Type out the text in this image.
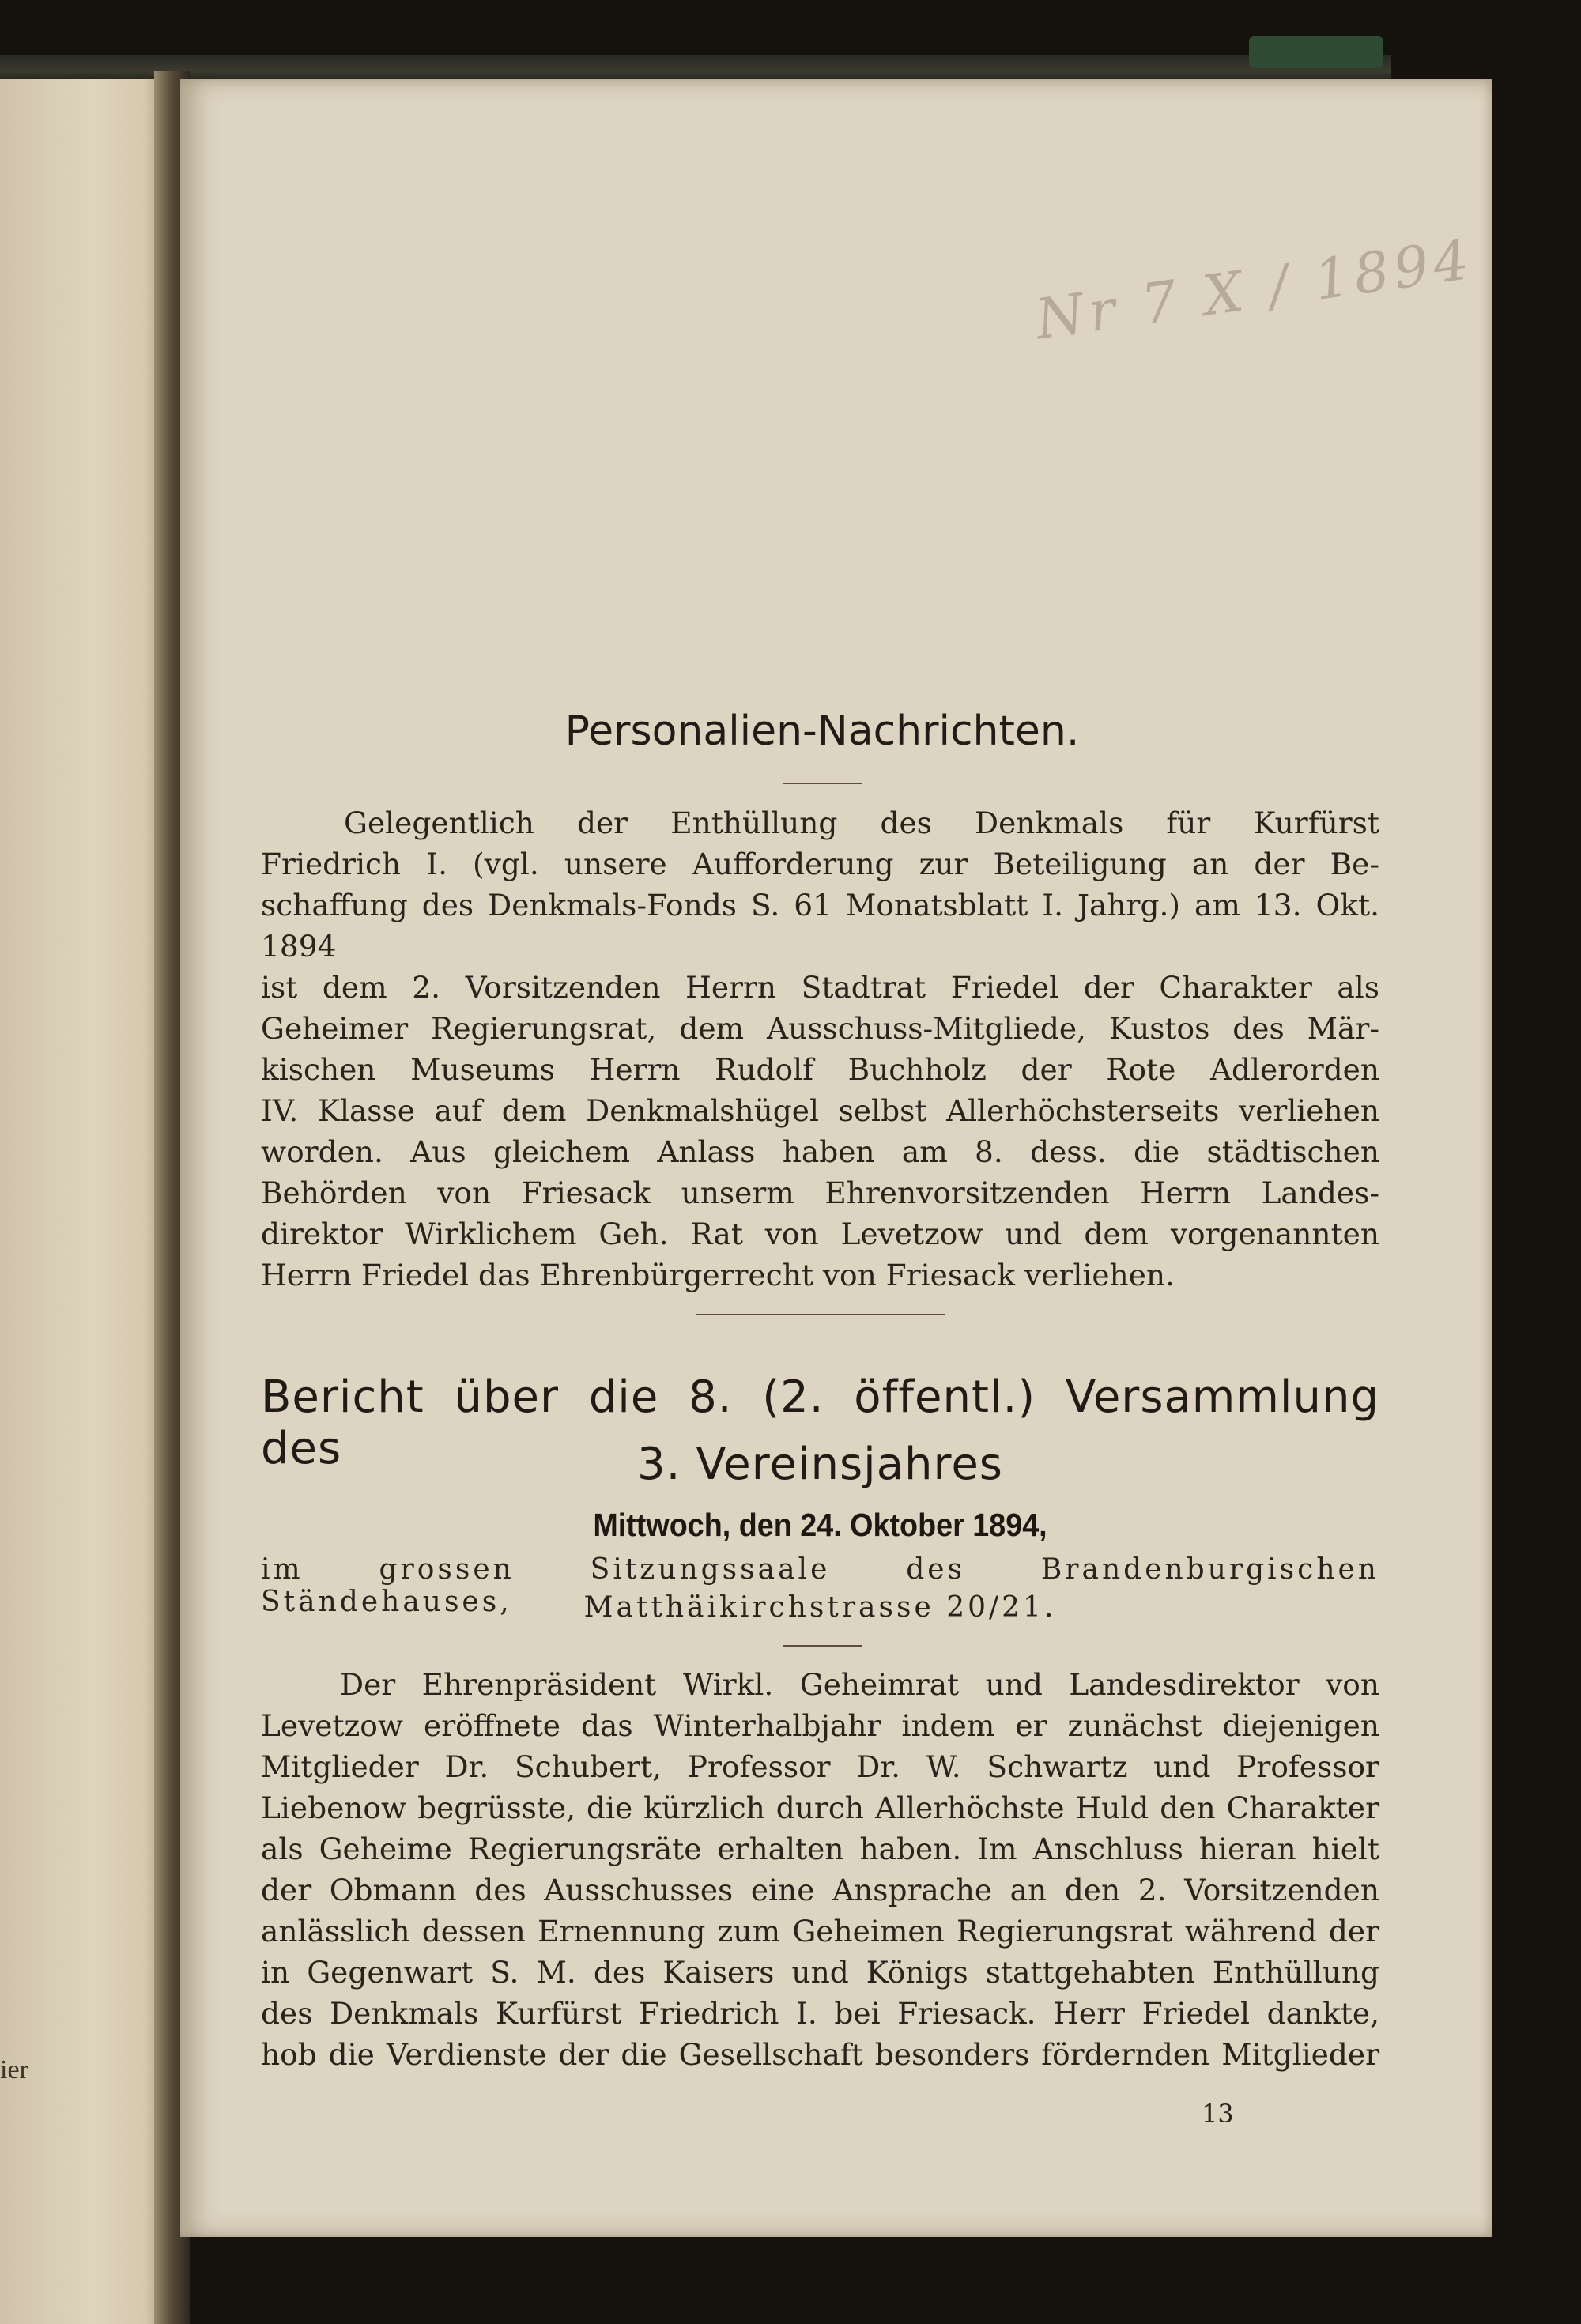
ier
Nr 7 X / 1894
Personalien-Nachrichten.
Gelegentlich der Enthüllung des Denkmals für Kurfürst
Friedrich I. (vgl. unsere Aufforderung zur Beteiligung an der Be-
schaffung des Denkmals-Fonds S. 61 Monatsblatt I. Jahrg.) am 13. Okt. 1894
ist dem 2. Vorsitzenden Herrn Stadtrat Friedel der Charakter als
Geheimer Regierungsrat, dem Ausschuss-Mitgliede, Kustos des Mär-
kischen Museums Herrn Rudolf Buchholz der Rote Adlerorden
IV. Klasse auf dem Denkmalshügel selbst Allerhöchsterseits verliehen
worden. Aus gleichem Anlass haben am 8. dess. die städtischen
Behörden von Friesack unserm Ehrenvorsitzenden Herrn Landes-
direktor Wirklichem Geh. Rat von Levetzow und dem vorgenannten
Herrn Friedel das Ehrenbürgerrecht von Friesack verliehen.
Bericht über die 8. (2. öffentl.) Versammlung des	3. Vereinsjahres
Mittwoch, den 24. Oktober 1894,
im grossen Sitzungssaale des Brandenburgischen Ständehauses,	Matthäikirchstrasse 20/21.
Der Ehrenpräsident Wirkl. Geheimrat und Landesdirektor von
Levetzow eröffnete das Winterhalbjahr indem er zunächst diejenigen
Mitglieder Dr. Schubert, Professor Dr. W. Schwartz und Professor
Liebenow begrüsste, die kürzlich durch Allerhöchste Huld den Charakter
als Geheime Regierungsräte erhalten haben. Im Anschluss hieran hielt
der Obmann des Ausschusses eine Ansprache an den 2. Vorsitzenden
anlässlich dessen Ernennung zum Geheimen Regierungsrat während der
in Gegenwart S. M. des Kaisers und Königs stattgehabten Enthüllung
des Denkmals Kurfürst Friedrich I. bei Friesack. Herr Friedel dankte,
hob die Verdienste der die Gesellschaft besonders fördernden Mitglieder
13
